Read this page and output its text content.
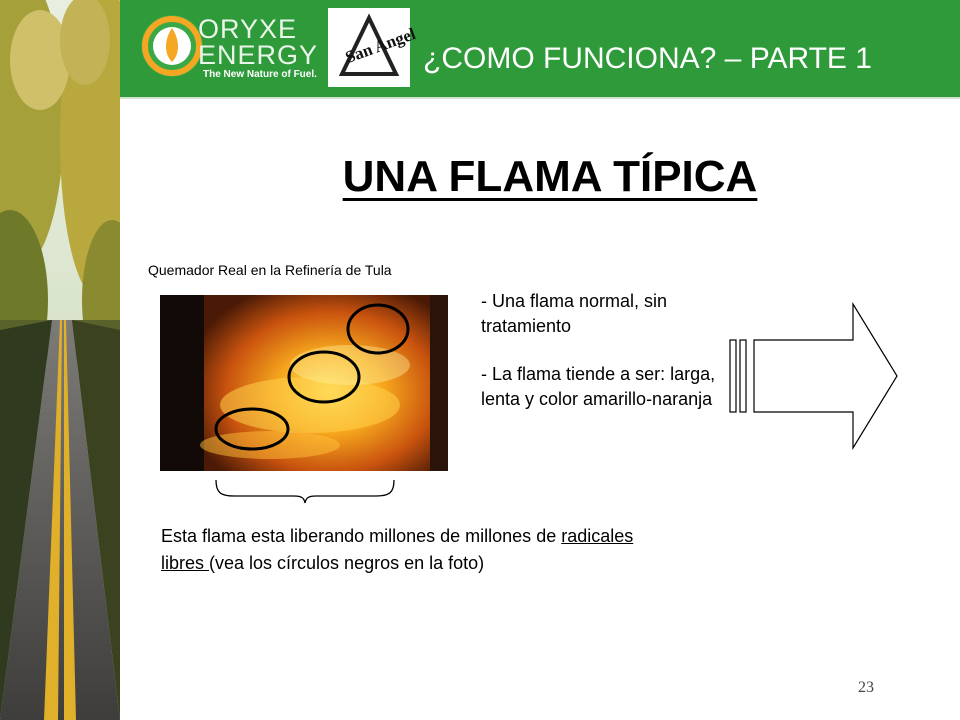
ORYXE
ENERGY
The New Nature of Fuel.
San Angel ¿COMO FUNCIONA? – PARTE 1
UNA FLAMA TÍPICA
Quemador Real en la Refinería de Tula
- Una flama normal, sin tratamiento
- La flama tiende a ser: larga, lenta y color amarillo-naranja
Esta flama esta liberando millones de millones de radicales libres (vea los círculos negros en la foto)
23
